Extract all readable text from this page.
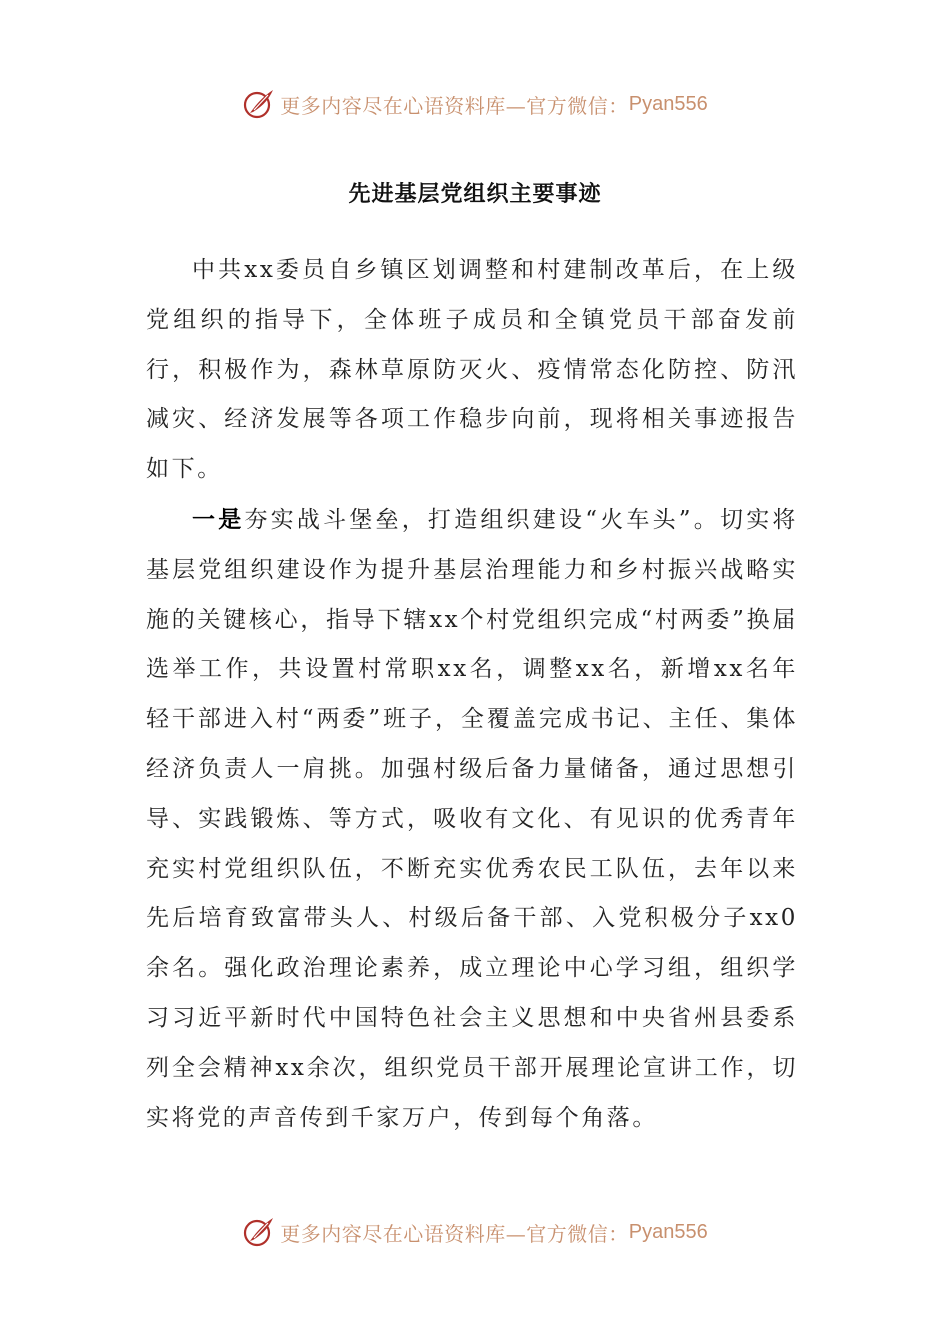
更多内容尽在心语资料库—官方微信： Pyan556
先进基层党组织主要事迹

中共xx委员自乡镇区划调整和村建制改革后，在上级党组织的指导下，全体班子成员和全镇党员干部奋发前行，积极作为，森林草原防灭火、疫情常态化防控、防汛减灾、经济发展等各项工作稳步向前，现将相关事迹报告如下。

一是夯实战斗堡垒，打造组织建设“火车头”。切实将基层党组织建设作为提升基层治理能力和乡村振兴战略实施的关键核心，指导下辖xx个村党组织完成“村两委”换届选举工作，共设置村常职xx名，调整xx名，新增xx名年轻干部进入村“两委”班子，全覆盖完成书记、主任、集体经济负责人一肩挑。加强村级后备力量储备，通过思想引导、实践锻炼、等方式，吸收有文化、有见识的优秀青年充实村党组织队伍，不断充实优秀农民工队伍，去年以来先后培育致富带头人、村级后备干部、入党积极分子xx0余名。强化政治理论素养，成立理论中心学习组，组织学习习近平新时代中国特色社会主义思想和中央省州县委系列全会精神xx余次，组织党员干部开展理论宣讲工作，切实将党的声音传到千家万户，传到每个角落。

更多内容尽在心语资料库—官方微信： Pyan556
